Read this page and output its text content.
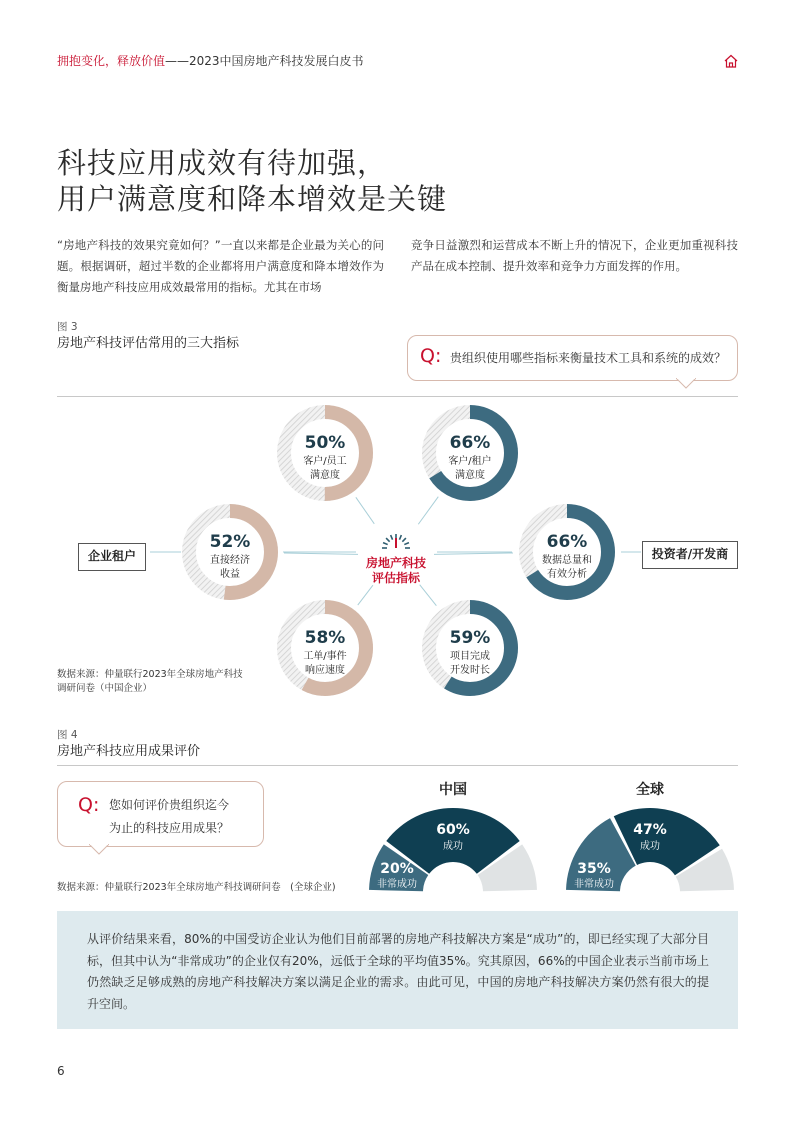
拥抱变化，释放价值——2023中国房地产科技发展白皮书
科技应用成效有待加强，
用户满意度和降本增效是关键
“房地产科技的效果究竟如何？”一直以来都是企业最为关心的问题。根据调研，超过半数的企业都将用户满意度和降本增效作为衡量房地产科技应用成效最常用的指标。尤其在市场
竞争日益激烈和运营成本不断上升的情况下，企业更加重视科技产品在成本控制、提升效率和竞争力方面发挥的作用。
图 3
房地产科技评估常用的三大指标
Q: 贵组织使用哪些指标来衡量技术工具和系统的成效？
50%
客户/员工
满意度
66%
客户/租户
满意度
52%
直接经济
收益
66%
数据总量和
有效分析
58%
工单/事件
响应速度
59%
项目完成
开发时长
房地产科技
评估指标
企业租户	投资者/开发商
数据来源：仲量联行2023年全球房地产科技
调研问卷（中国企业）
图 4
房地产科技应用成果评价
Q: 您如何评价贵组织迄今
为止的科技应用成果？
中国
60%
成功
20%
非常成功
全球
47%
成功
35%
非常成功
数据来源：仲量联行2023年全球房地产科技调研问卷　(全球企业)
从评价结果来看，80%的中国受访企业认为他们目前部署的房地产科技解决方案是“成功”的，即已经实现了大部分目标，但其中认为“非常成功”的企业仅有20%，远低于全球的平均值35%。究其原因，66%的中国企业表示当前市场上仍然缺乏足够成熟的房地产科技解决方案以满足企业的需求。由此可见，中国的房地产科技解决方案仍然有很大的提升空间。
6
